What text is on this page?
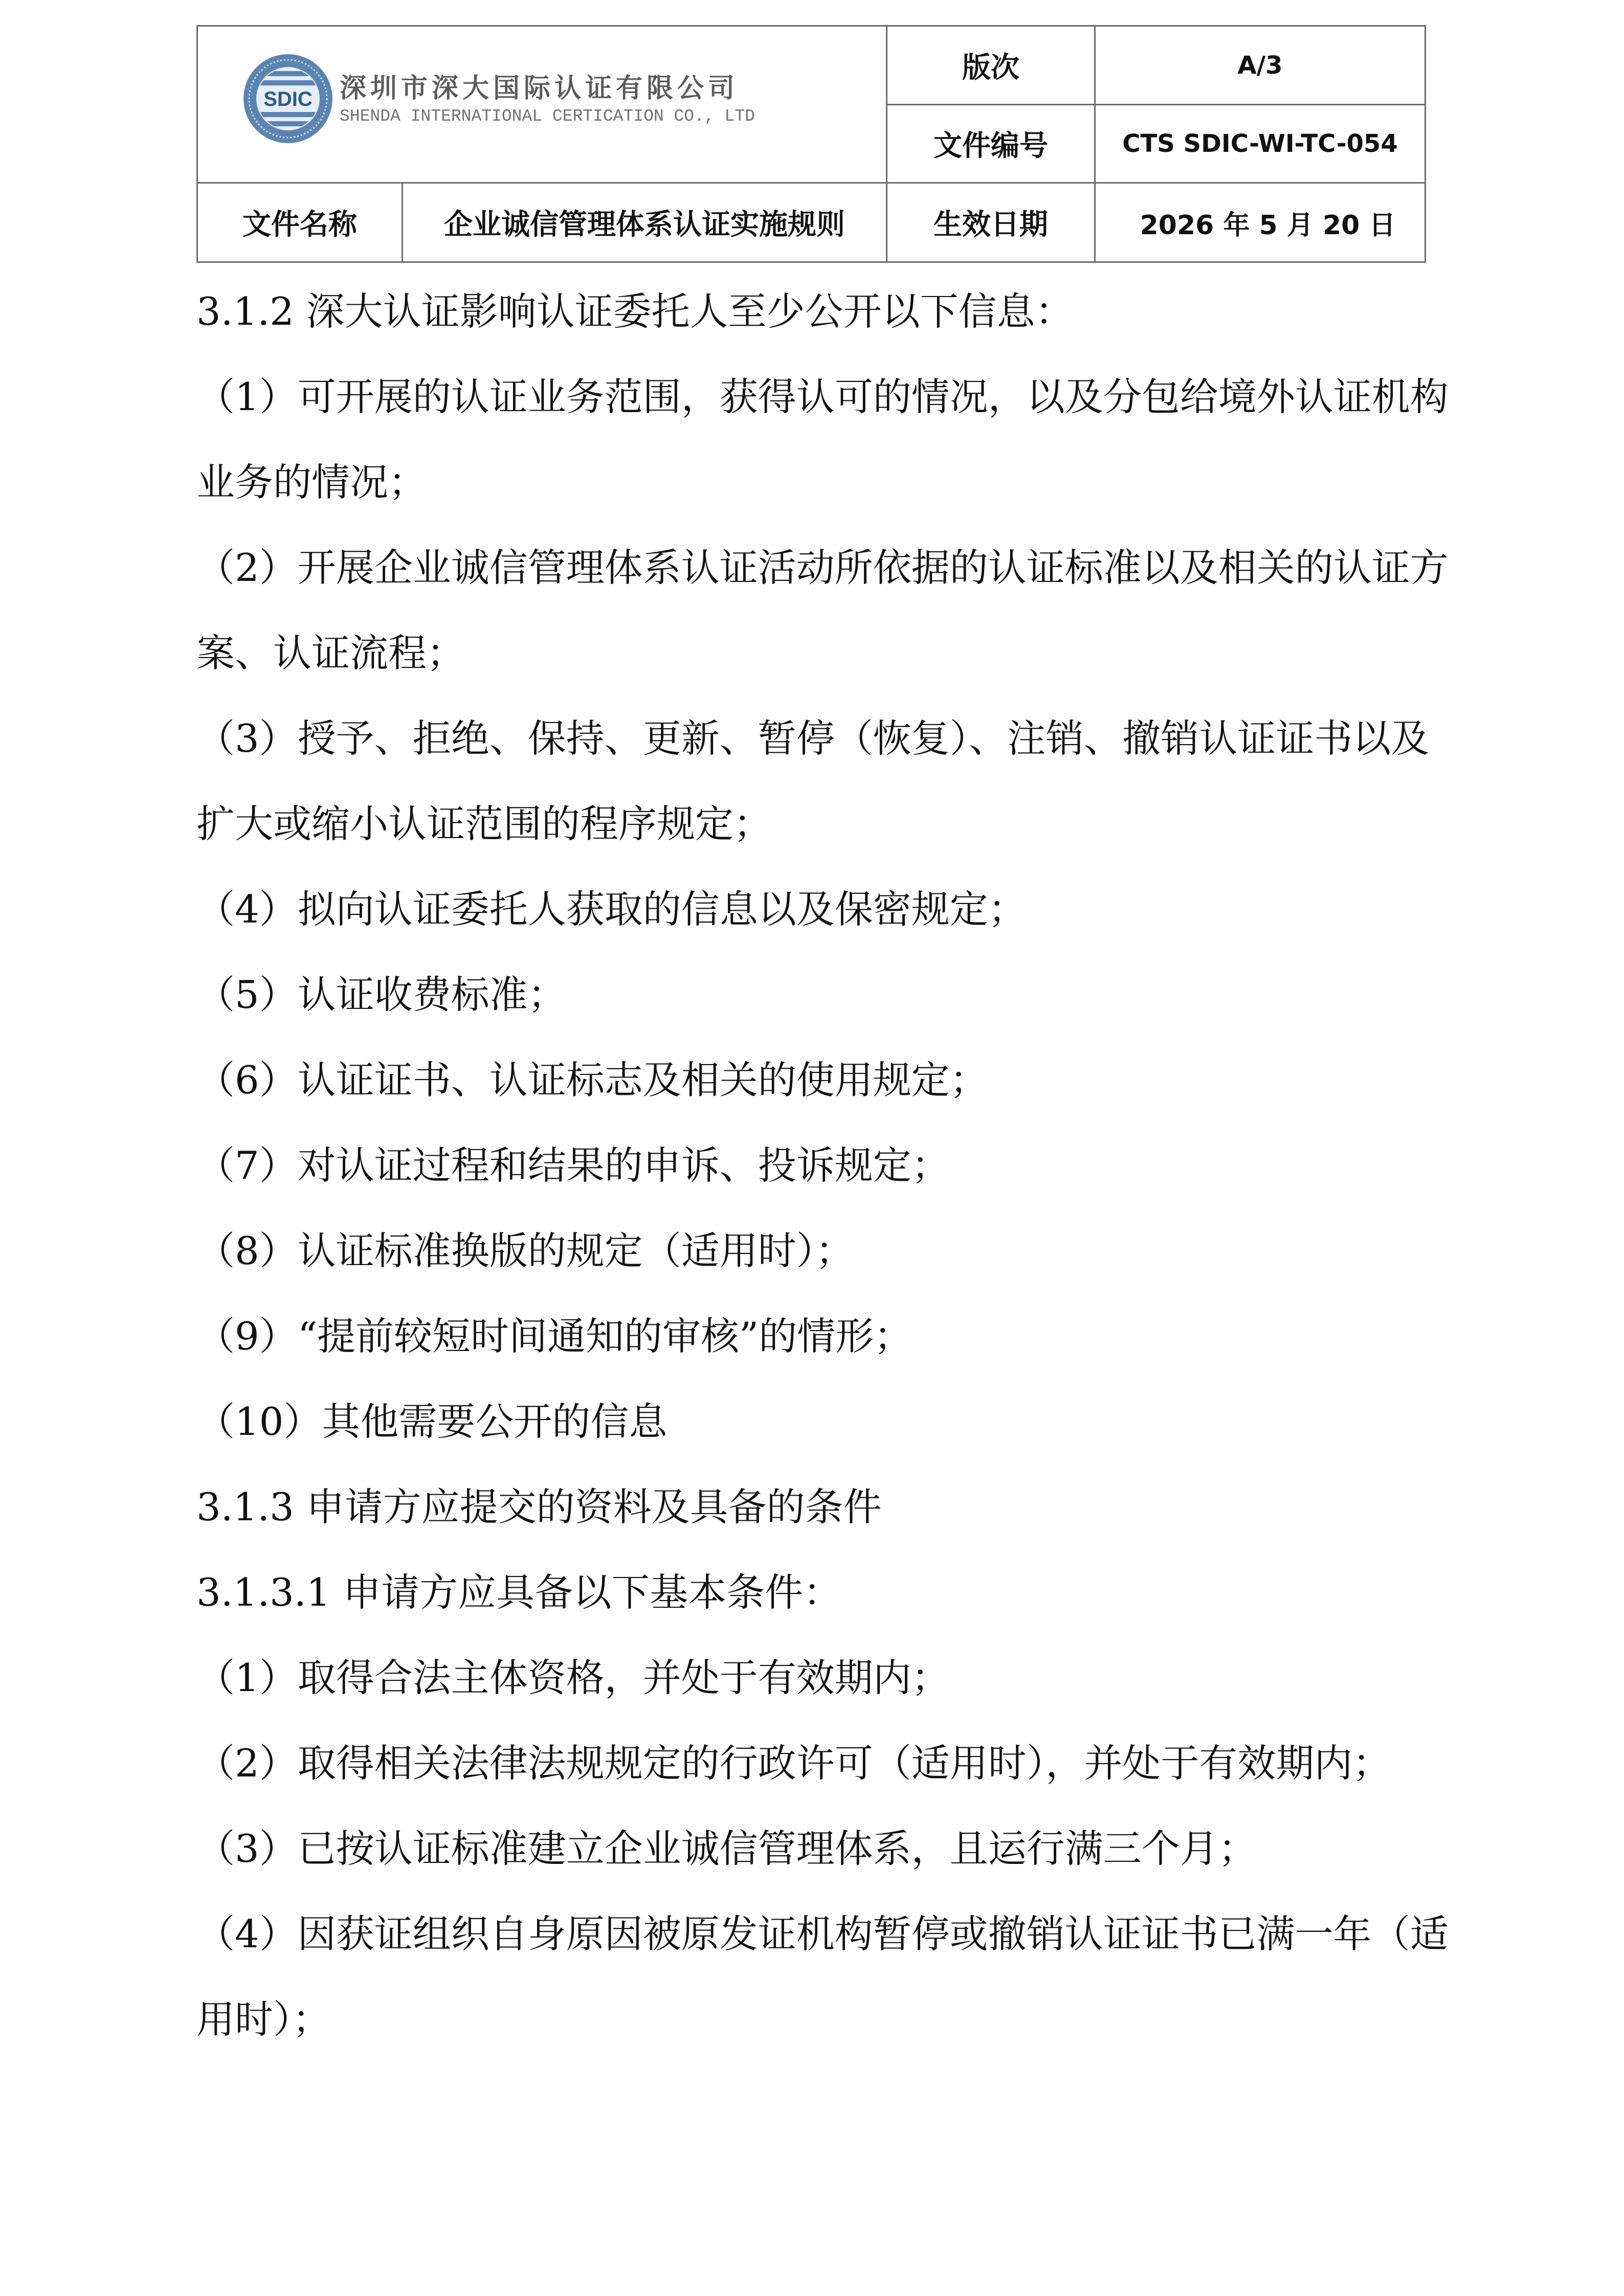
SDIC 深圳市深大国际认证有限公司
SHENDA INTERNATIONAL CERTICATION CO., LTD
版次	A/3
文件编号	CTS SDIC-WI-TC-054
文件名称	企业诚信管理体系认证实施规则	生效日期	2026 年 5 月 20 日
3.1.2 深大认证影响认证委托人至少公开以下信息：
（1）可开展的认证业务范围，获得认可的情况，以及分包给境外认证机构
业务的情况；
（2）开展企业诚信管理体系认证活动所依据的认证标准以及相关的认证方
案、认证流程；
（3）授予、拒绝、保持、更新、暂停（恢复）、注销、撤销认证证书以及
扩大或缩小认证范围的程序规定；
（4）拟向认证委托人获取的信息以及保密规定；
（5）认证收费标准；
（6）认证证书、认证标志及相关的使用规定；
（7）对认证过程和结果的申诉、投诉规定；
（8）认证标准换版的规定（适用时）；
（9）“提前较短时间通知的审核”的情形；
（10）其他需要公开的信息
3.1.3 申请方应提交的资料及具备的条件
3.1.3.1 申请方应具备以下基本条件：
（1）取得合法主体资格，并处于有效期内；
（2）取得相关法律法规规定的行政许可（适用时），并处于有效期内；
（3）已按认证标准建立企业诚信管理体系，且运行满三个月；
（4）因获证组织自身原因被原发证机构暂停或撤销认证证书已满一年（适
用时）；
